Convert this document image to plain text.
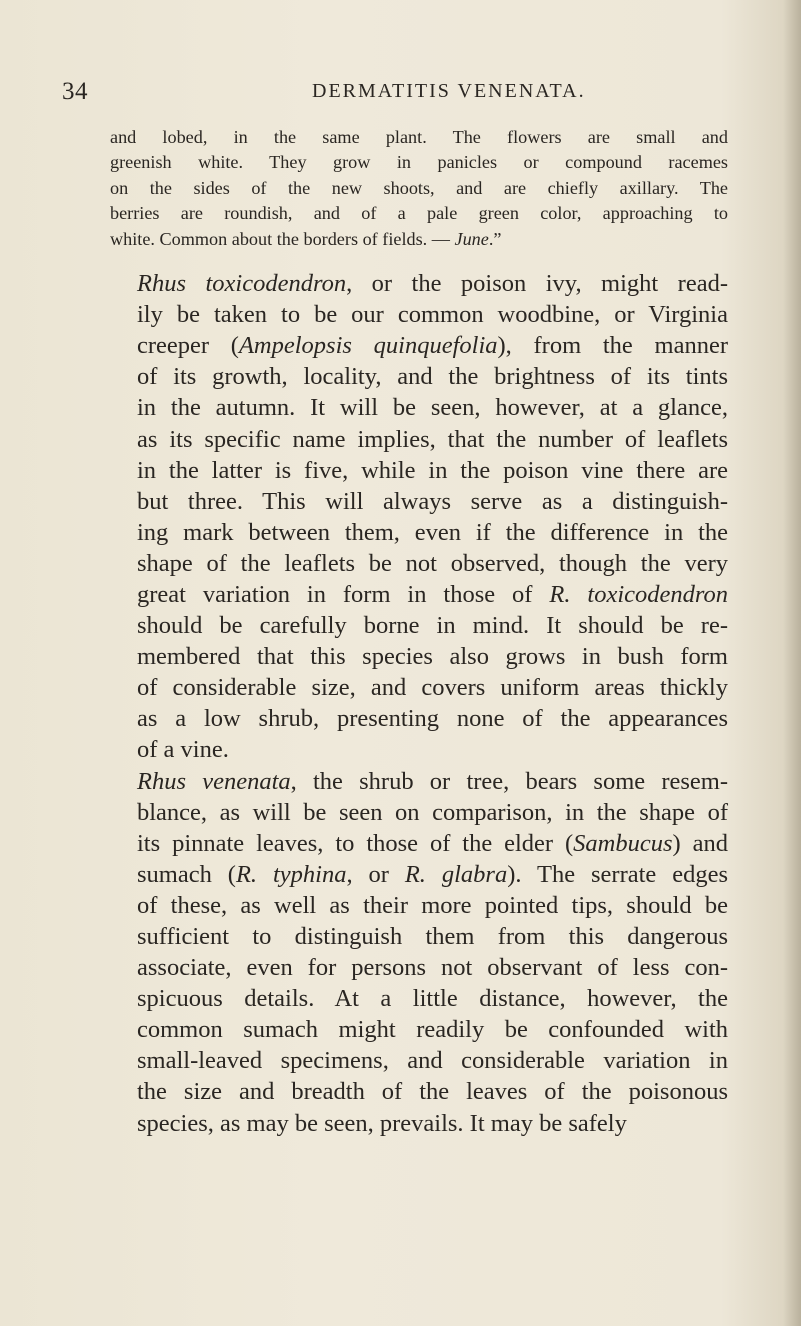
34	DERMATITIS VENENATA.

and lobed, in the same plant. The flowers are small and
greenish white. They grow in panicles or compound racemes
on the sides of the new shoots, and are chiefly axillary. The
berries are roundish, and of a pale green color, approaching to
white. Common about the borders of fields. — June.”

Rhus toxicodendron, or the poison ivy, might read-
ily be taken to be our common woodbine, or Virginia
creeper (Ampelopsis quinquefolia), from the manner
of its growth, locality, and the brightness of its tints
in the autumn. It will be seen, however, at a glance,
as its specific name implies, that the number of leaflets
in the latter is five, while in the poison vine there are
but three. This will always serve as a distinguish-
ing mark between them, even if the difference in the
shape of the leaflets be not observed, though the very
great variation in form in those of R. toxicodendron
should be carefully borne in mind. It should be re-
membered that this species also grows in bush form
of considerable size, and covers uniform areas thickly
as a low shrub, presenting none of the appearances
of a vine.

Rhus venenata, the shrub or tree, bears some resem-
blance, as will be seen on comparison, in the shape of
its pinnate leaves, to those of the elder (Sambucus) and
sumach (R. typhina, or R. glabra). The serrate edges
of these, as well as their more pointed tips, should be
sufficient to distinguish them from this dangerous
associate, even for persons not observant of less con-
spicuous details. At a little distance, however, the
common sumach might readily be confounded with
small-leaved specimens, and considerable variation in
the size and breadth of the leaves of the poisonous
species, as may be seen, prevails. It may be safely
